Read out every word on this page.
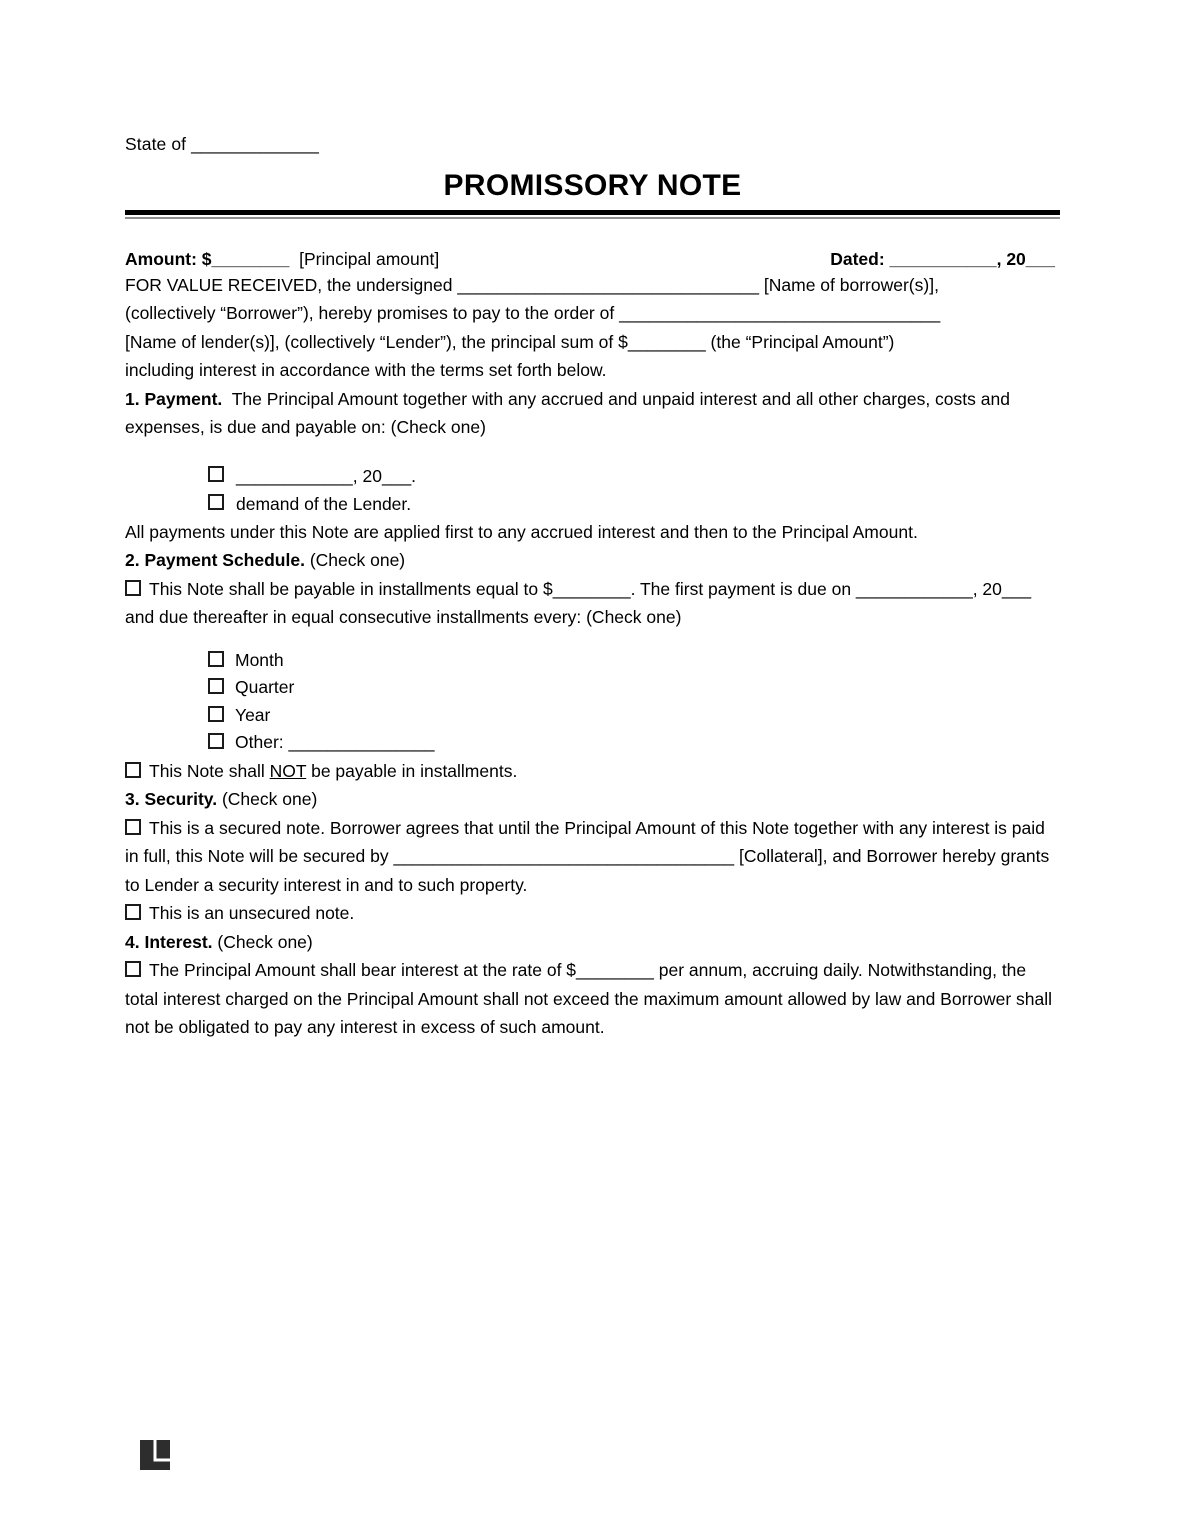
State of _____________
PROMISSORY NOTE
Amount: $________ [Principal amount]	Dated: ___________, 20___

FOR VALUE RECEIVED, the undersigned _______________________________ [Name of borrower(s)],
(collectively “Borrower”), hereby promises to pay to the order of _________________________________
[Name of lender(s)], (collectively “Lender”), the principal sum of $________ (the “Principal Amount”)
including interest in accordance with the terms set forth below.

1. Payment. The Principal Amount together with any accrued and unpaid interest and all other charges, costs and expenses, is due and payable on: (Check one)

____________, 20___.
demand of the Lender.

All payments under this Note are applied first to any accrued interest and then to the Principal Amount.

2. Payment Schedule. (Check one)

This Note shall be payable in installments equal to $________. The first payment is due on ____________, 20___ and due thereafter in equal consecutive installments every: (Check one)

Month
Quarter
Year
Other: _______________

This Note shall NOT be payable in installments.

3. Security. (Check one)

This is a secured note. Borrower agrees that until the Principal Amount of this Note together with any interest is paid in full, this Note will be secured by ___________________________________ [Collateral], and Borrower hereby grants to Lender a security interest in and to such property.

This is an unsecured note.

4. Interest. (Check one)

The Principal Amount shall bear interest at the rate of $________ per annum, accruing daily. Notwithstanding, the total interest charged on the Principal Amount shall not exceed the maximum amount allowed by law and Borrower shall not be obligated to pay any interest in excess of such amount.
